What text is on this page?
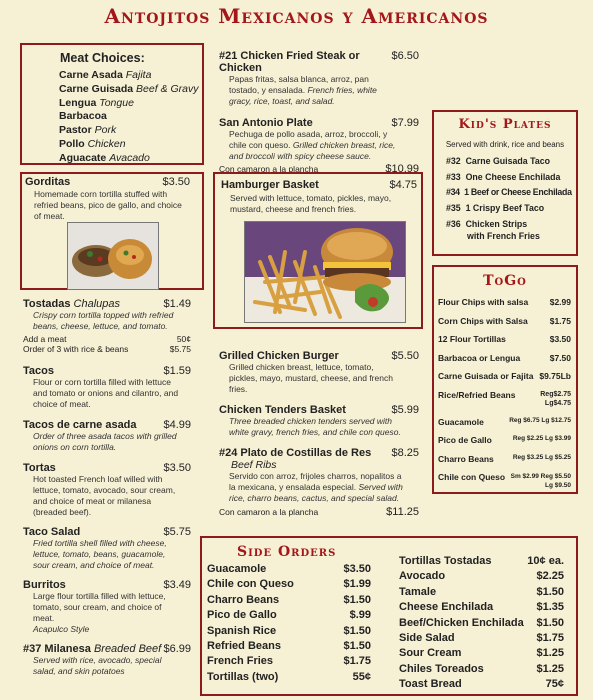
Antojitos Mexicanos y Americanos
Meat Choices:
Carne Asada Fajita
Carne Guisada Beef & Gravy
Lengua Tongue
Barbacoa
Pastor Pork
Pollo Chicken
Aguacate Avacado
Gorditas	$3.50
Homemade corn tortilla stuffed with refried beans, pico de gallo, and choice of meat.
Tostadas Chalupas	$1.49
Crispy corn tortilla topped with refried beans, cheese, lettuce, and tomato.
Add a meat	50¢
Order of 3 with rice & beans	$5.75
Tacos	$1.59
Flour or corn tortilla filled with lettuce and tomato or onions and cilantro, and choice of meat.
Tacos de carne asada $4.99
Order of three asada tacos with grilled onions on corn tortilla.
Tortas	$3.50
Hot toasted French loaf willed with lettuce, tomato, avocado, sour cream, and choice of meat or milanesa (breaded beef).
Taco Salad	$5.75
Fried tortilla shell filled with cheese, lettuce, tomato, beans, guacamole, sour cream, and choice of meat.
Burritos	$3.49
Large flour tortilla filled with lettuce, tomato, sour cream, and choice of meat.
Acapulco Style
#37 Milanesa Breaded Beef $6.99
Served with rice, avocado, special salad, and skin potatoes
#21 Chicken Fried Steak or Chicken
$6.50
Papas fritas, salsa blanca, arroz, pan tostado, y ensalada. French fries, white gracy, rice, toast, and salad.
San Antonio Plate	$7.99
Pechuga de pollo asada, arroz, broccoli, y chile con queso. Grilled chicken breast, rice, and broccoli with spicy cheese sauce.
Con camaron a la plancha	$10.99
Hamburger Basket	$4.75
Served with lettuce, tomato, pickles, mayo, mustard, cheese and french fries.
Grilled Chicken Burger	$5.50
Grilled chicken breast, lettuce, tomato, pickles, mayo, mustard, cheese, and french fries.
Chicken Tenders Basket	$5.99
Three breaded chicken tenders served with white gravy, french fries, and chile con queso.
#24 Plato de Costillas de Res $8.25
Beef Ribs
Servido con arroz, frijoles charros, nopalitos a la mexicana, y ensalada especial. Served with rice, charro beans, cactus, and special salad.
Con camaron a la plancha	$11.25
Kid's Plates
Served with drink, rice and beans
#32 Carne Guisada Taco
#33 One Cheese Enchilada
#34 1 Beef or Cheese Enchilada
#35 1 Crispy Beef Taco
#36 Chicken Strips
with French Fries
ToGo
Flour Chips with salsa	$2.99
Corn Chips with Salsa	$1.75
12 Flour Tortillas	$3.50
Barbacoa or Lengua	$7.50
Carne Guisada or Fajita $9.75Lb
Rice/Refried Beans	Reg$2.75
Lg$4.75
Guacamole	Reg $6.75 Lg $12.75
Pico de Gallo	Reg $2.25 Lg $3.99
Charro Beans	Reg $3.25 Lg $5.25
Chile con Queso Sm $2.99 Reg $5.50
Lg $9.50
Side Orders
Guacamole	$3.50
Chile con Queso	$1.99
Charro Beans	$1.50
Pico de Gallo	$.99
Spanish Rice	$1.50
Refried Beans	$1.50
French Fries	$1.75
Tortillas (two)	55¢
Tortillas Tostadas	10¢ ea.
Avocado	$2.25
Tamale	$1.50
Cheese Enchilada	$1.35
Beef/Chicken Enchilada $1.50
Side Salad	$1.75
Sour Cream	$1.25
Chiles Toreados	$1.25
Toast Bread	75¢
